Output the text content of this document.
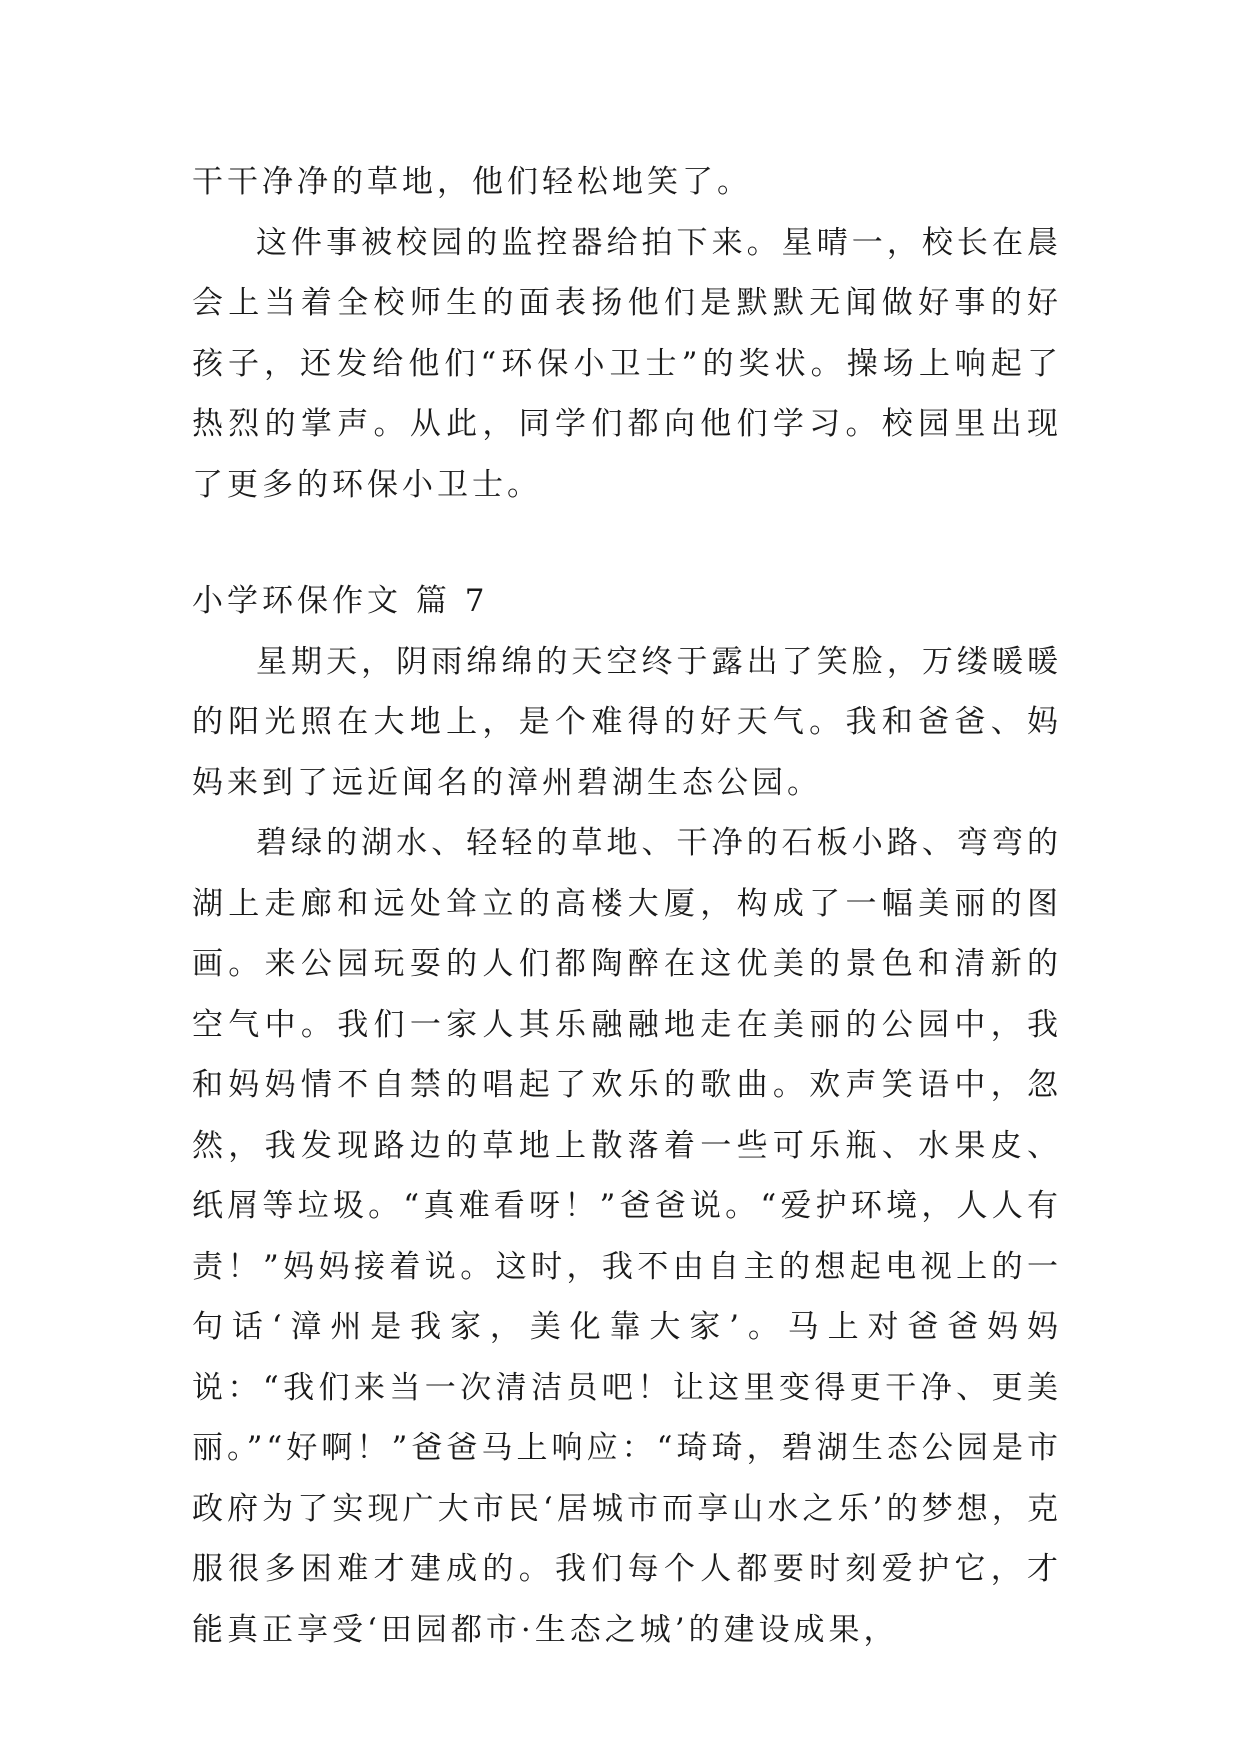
干干净净的草地，他们轻松地笑了。

这件事被校园的监控器给拍下来。星晴一，校长在晨会上当着全校师生的面表扬他们是默默无闻做好事的好孩子，还发给他们“环保小卫士”的奖状。操场上响起了热烈的掌声。从此，同学们都向他们学习。校园里出现了更多的环保小卫士。

小学环保作文 篇 7

星期天，阴雨绵绵的天空终于露出了笑脸，万缕暖暖的阳光照在大地上，是个难得的好天气。我和爸爸、妈妈来到了远近闻名的漳州碧湖生态公园。

碧绿的湖水、轻轻的草地、干净的石板小路、弯弯的湖上走廊和远处耸立的高楼大厦，构成了一幅美丽的图画。来公园玩耍的人们都陶醉在这优美的景色和清新的空气中。我们一家人其乐融融地走在美丽的公园中，我和妈妈情不自禁的唱起了欢乐的歌曲。欢声笑语中，忽然，我发现路边的草地上散落着一些可乐瓶、水果皮、纸屑等垃圾。“真难看呀！”爸爸说。“爱护环境，人人有责！”妈妈接着说。这时，我不由自主的想起电视上的一句话‘漳州是我家，美化靠大家’。马上对爸爸妈妈说：“我们来当一次清洁员吧！让这里变得更干净、更美丽。”“好啊！”爸爸马上响应：“琦琦，碧湖生态公园是市政府为了实现广大市民‘居城市而享山水之乐’的梦想，克服很多困难才建成的。我们每个人都要时刻爱护它，才能真正享受‘田园都市·生态之城’的建设成果，
